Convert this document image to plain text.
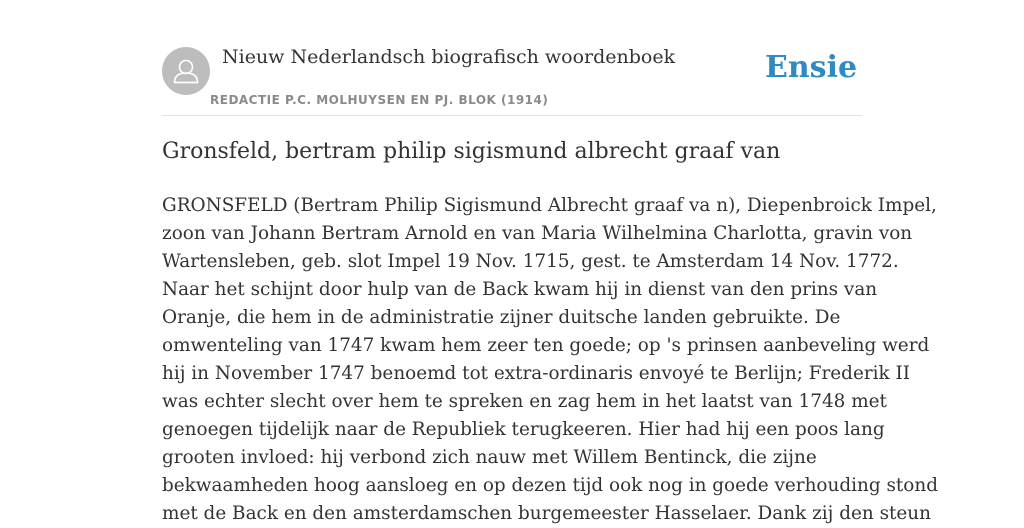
Nieuw Nederlandsch biografisch woordenboek
REDACTIE P.C. MOLHUYSEN EN PJ. BLOK (1914)
Ensie
Gronsfeld, bertram philip sigismund albrecht graaf van

GRONSFELD (Bertram Philip Sigismund Albrecht graaf va n), Diepenbroick Impel,
zoon van Johann Bertram Arnold en van Maria Wilhelmina Charlotta, gravin von
Wartensleben, geb. slot Impel 19 Nov. 1715, gest. te Amsterdam 14 Nov. 1772.
Naar het schijnt door hulp van de Back kwam hij in dienst van den prins van
Oranje, die hem in de administratie zijner duitsche landen gebruikte. De
omwenteling van 1747 kwam hem zeer ten goede; op 's prinsen aanbeveling werd
hij in November 1747 benoemd tot extra-ordinaris envoyé te Berlijn; Frederik II
was echter slecht over hem te spreken en zag hem in het laatst van 1748 met
genoegen tijdelijk naar de Republiek terugkeeren. Hier had hij een poos lang
grooten invloed: hij verbond zich nauw met Willem Bentinck, die zijne
bekwaamheden hoog aansloeg en op dezen tijd ook nog in goede verhouding stond
met de Back en den amsterdamschen burgemeester Hasselaer. Dank zij den steun
